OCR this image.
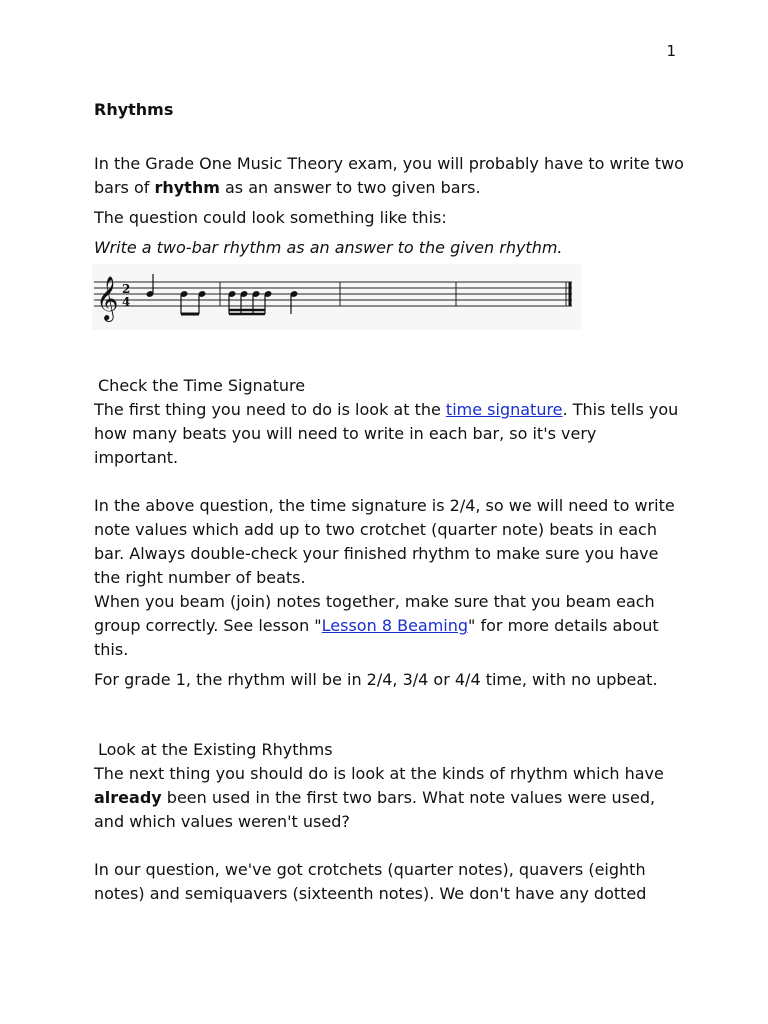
1

Rhythms

In the Grade One Music Theory exam, you will probably have to write two bars of rhythm as an answer to two given bars.

The question could look something like this:

Write a two-bar rhythm as an answer to the given rhythm.

Check the Time Signature

The first thing you need to do is look at the time signature. This tells you how many beats you will need to write in each bar, so it's very important.

In the above question, the time signature is 2/4, so we will need to write note values which add up to two crotchet (quarter note) beats in each bar. Always double-check your finished rhythm to make sure you have the right number of beats.

When you beam (join) notes together, make sure that you beam each group correctly. See lesson "Lesson 8 Beaming" for more details about this.

For grade 1, the rhythm will be in 2/4, 3/4 or 4/4 time, with no upbeat.

Look at the Existing Rhythms

The next thing you should do is look at the kinds of rhythm which have already been used in the first two bars. What note values were used, and which values weren't used?

In our question, we've got crotchets (quarter notes), quavers (eighth notes) and semiquavers (sixteenth notes). We don't have any dotted

𝄞 2
4
